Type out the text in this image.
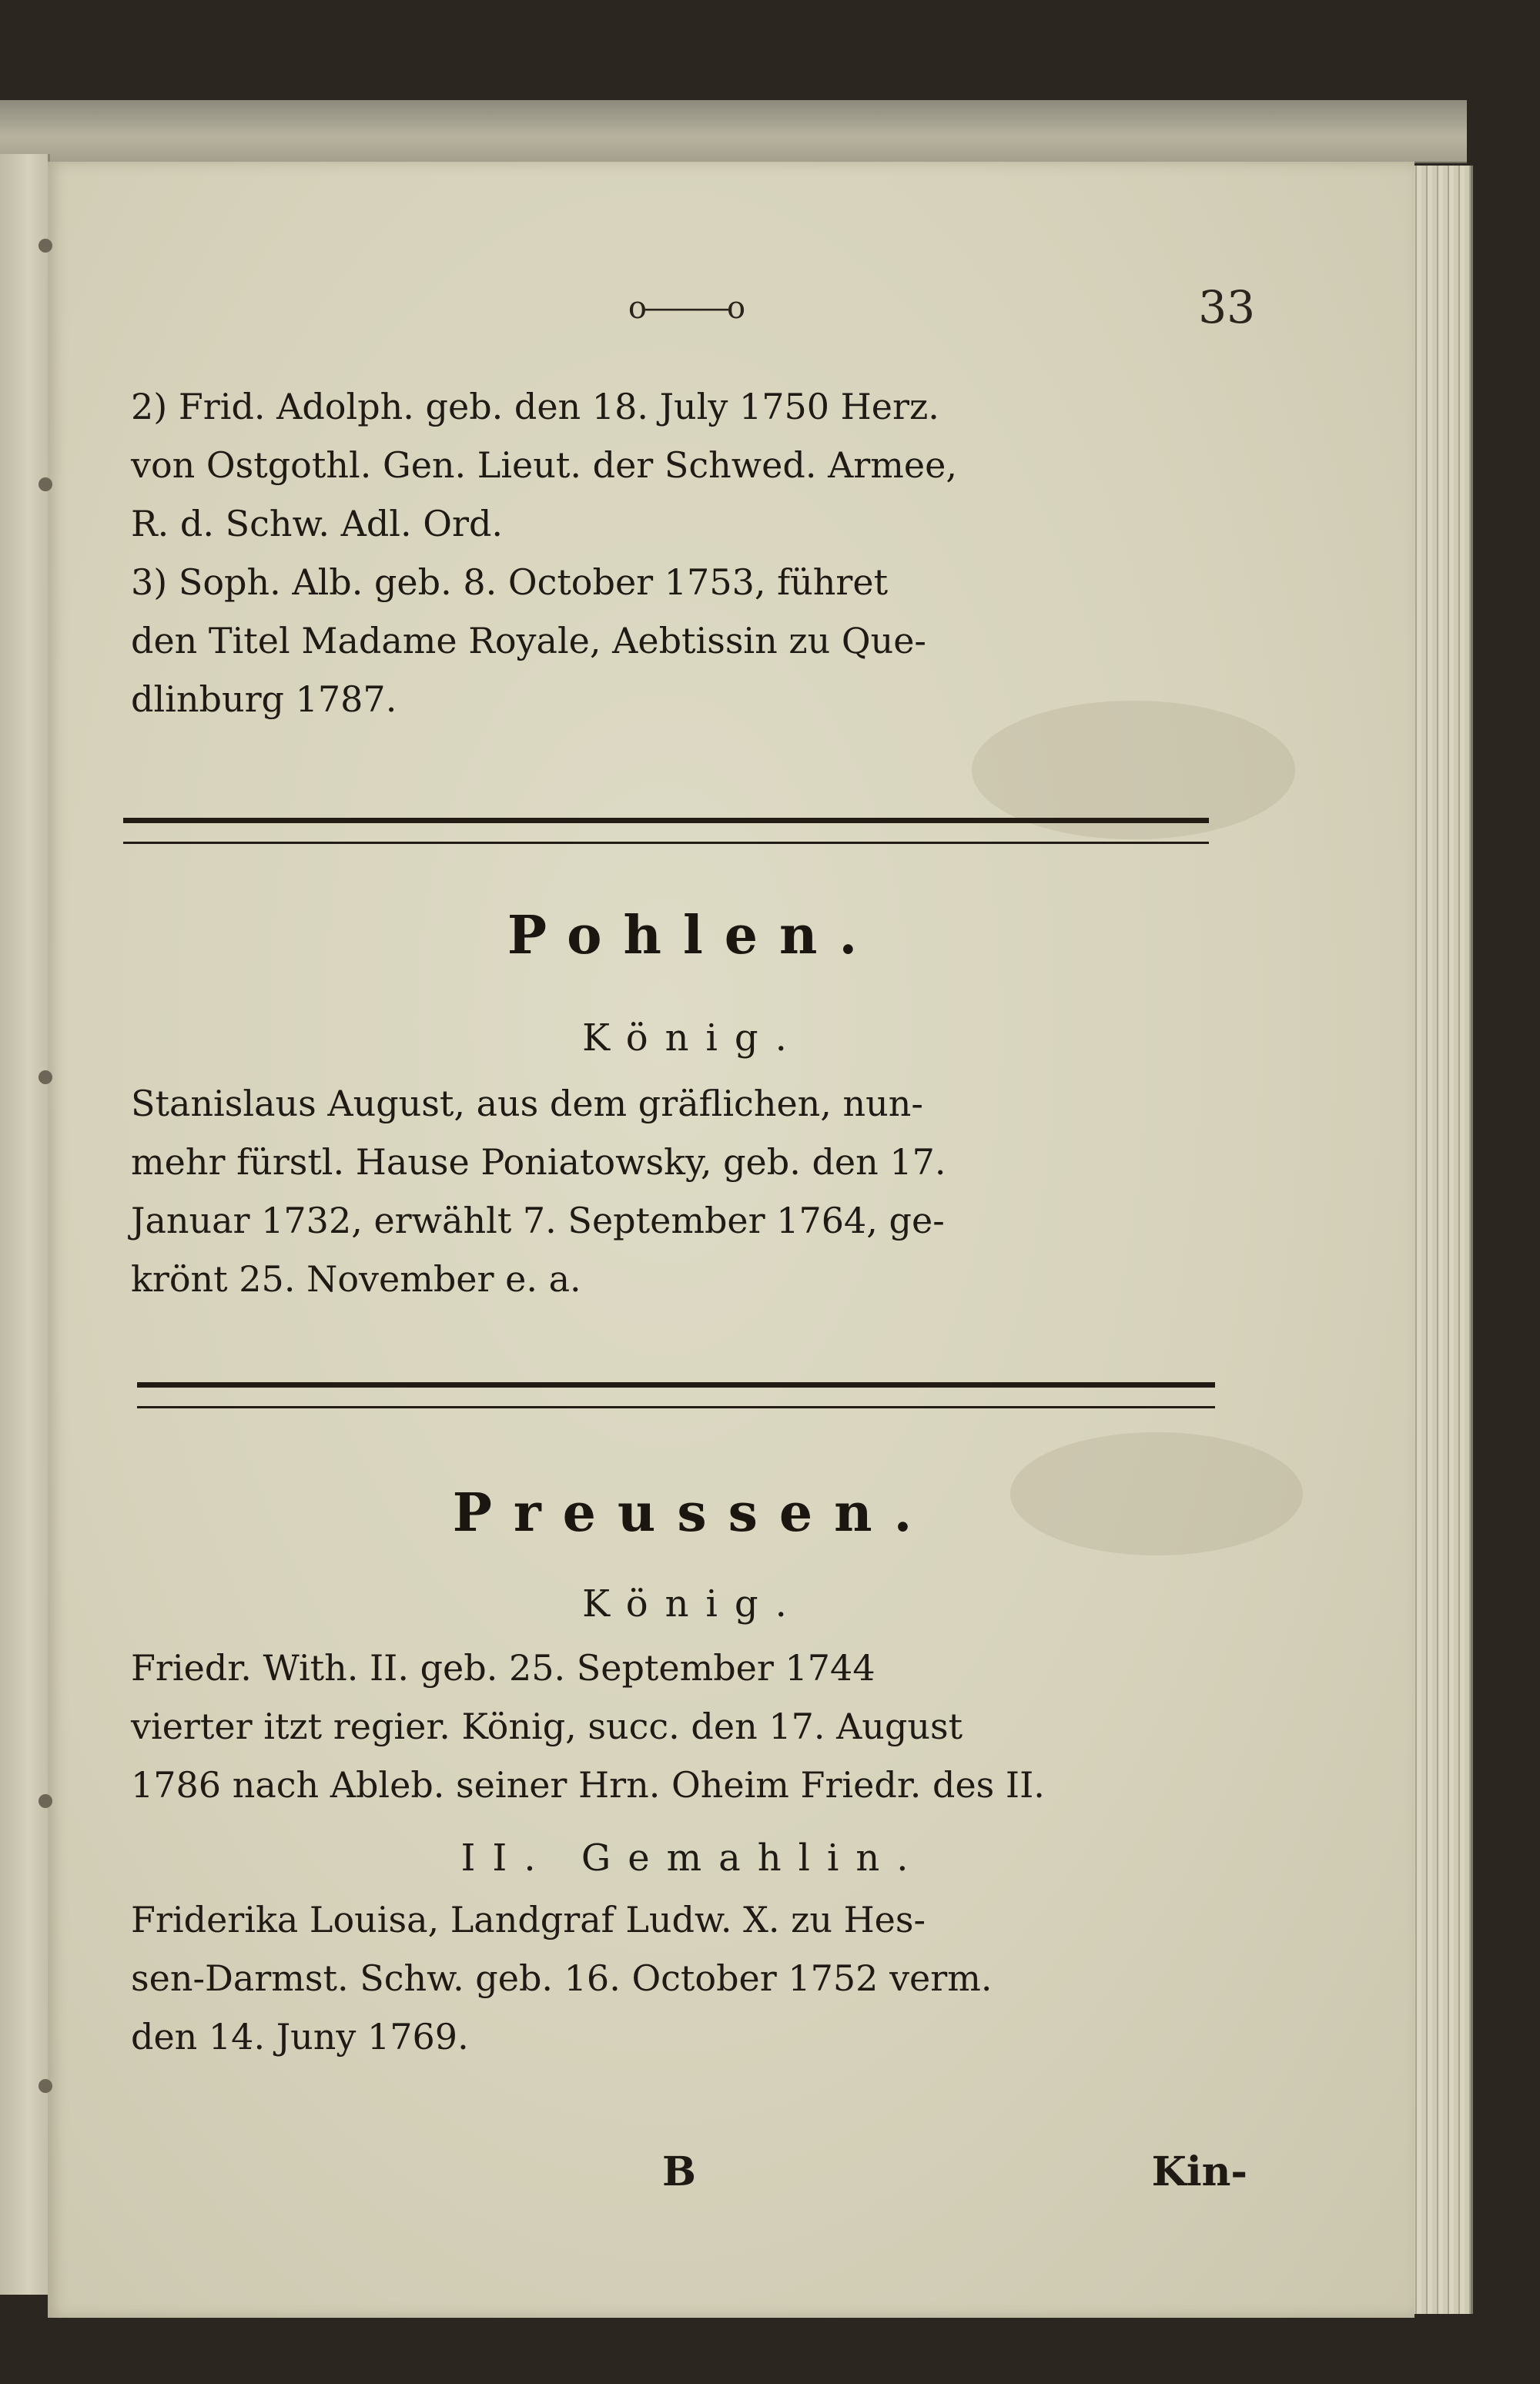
o———o	33
2) Frid. Adolph. geb. den 18. July 1750 Herz.
von Ostgothl. Gen. Lieut. der Schwed. Armee,
R. d. Schw. Adl. Ord.
3) Soph. Alb. geb. 8. October 1753, führet
den Titel Madame Royale, Aebtissin zu Que-
dlinburg 1787.
Pohlen.
König.
Stanislaus August, aus dem gräflichen, nun-
mehr fürstl. Hause Poniatowsky, geb. den 17.
Januar 1732, erwählt 7. September 1764, ge-
krönt 25. November e. a.
Preussen.
König.
Friedr. With. II. geb. 25. September 1744
vierter itzt regier. König, succ. den 17. August
1786 nach Ableb. seiner Hrn. Oheim Friedr. des II.
II. Gemahlin.
Friderika Louisa, Landgraf Ludw. X. zu Hes-
sen-Darmst. Schw. geb. 16. October 1752 verm.
den 14. Juny 1769.
B	Kin-
